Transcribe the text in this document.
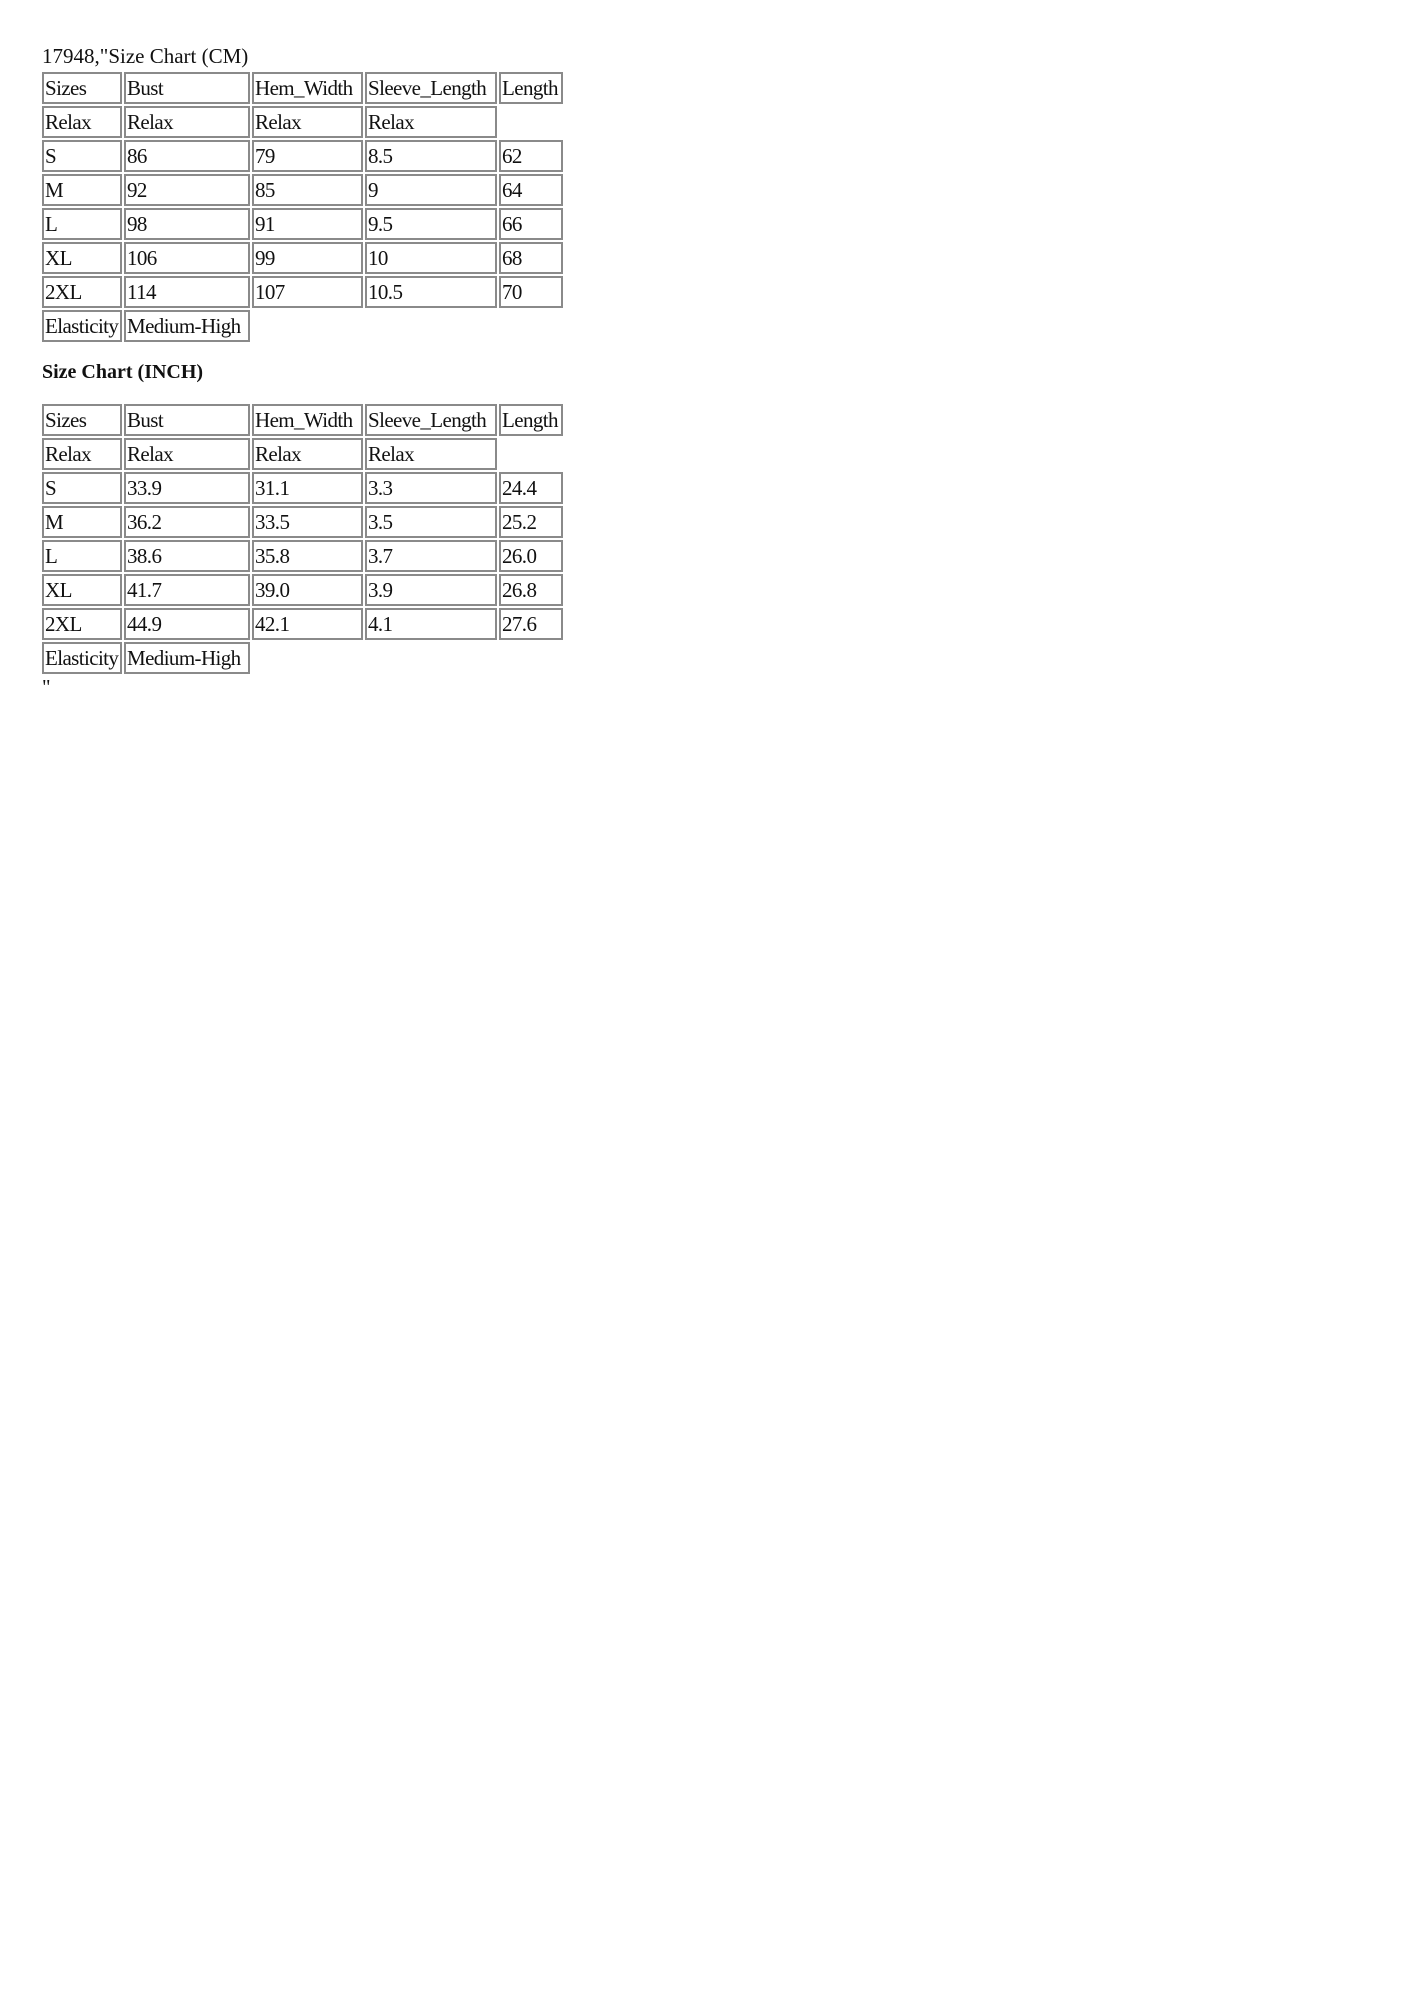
17948,"Size Chart (CM)

Sizes	Bust	Hem_Width	Sleeve_Length	Length
Relax	Relax	Relax	Relax	
S	86	79	8.5	62
M	92	85	9	64
L	98	91	9.5	66
XL	106	99	10	68
2XL	114	107	10.5	70
Elasticity	Medium-High			

Size Chart (INCH)

Sizes	Bust	Hem_Width	Sleeve_Length	Length
Relax	Relax	Relax	Relax	
S	33.9	31.1	3.3	24.4
M	36.2	33.5	3.5	25.2
L	38.6	35.8	3.7	26.0
XL	41.7	39.0	3.9	26.8
2XL	44.9	42.1	4.1	27.6
Elasticity	Medium-High			

"
